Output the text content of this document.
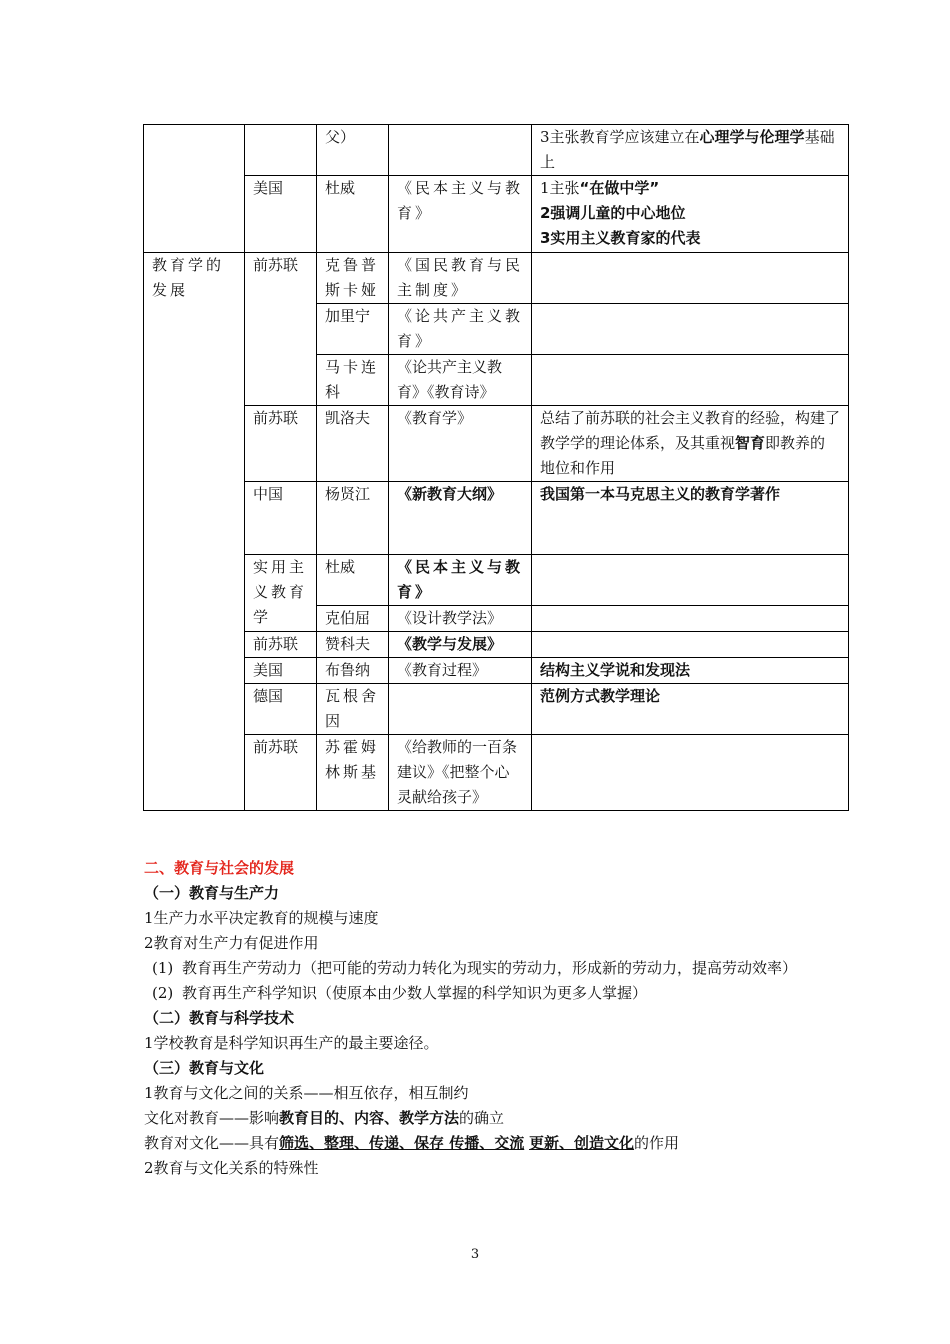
		父）		3主张教育学应该建立在心理学与伦理学基础上
	美国	杜威	《民本主义与教育》	1主张“在做中学”
2强调儿童的中心地位
3实用主义教育家的代表

教育学的发展	前苏联	克鲁普斯卡娅	《国民教育与民主制度》	
		加里宁	《论共产主义教育》	
		马卡连科	《论共产主义教育》《教育诗》	
	前苏联	凯洛夫	《教育学》	总结了前苏联的社会主义教育的经验，构建了教学学的理论体系，及其重视智育即教养的地位和作用
	中国	杨贤江	《新教育大纲》	我国第一本马克思主义的教育学著作
	实用主义教育学	杜威	《民本主义与教育》	
		克伯屈	《设计教学法》	
	前苏联	赞科夫	《教学与发展》	
	美国	布鲁纳	《教育过程》	结构主义学说和发现法
	德国	瓦根舍因		范例方式教学理论
	前苏联	苏霍姆林斯基	《给教师的一百条建议》《把整个心灵献给孩子》	

二、教育与社会的发展

（一）教育与生产力

1生产力水平决定教育的规模与速度

2教育对生产力有促进作用

(1) 教育再生产劳动力（把可能的劳动力转化为现实的劳动力，形成新的劳动力，提高劳动效率）

(2) 教育再生产科学知识（使原本由少数人掌握的科学知识为更多人掌握）

（二）教育与科学技术

1学校教育是科学知识再生产的最主要途径。

（三）教育与文化

1教育与文化之间的关系——相互依存，相互制约

文化对教育——影响教育目的、内容、教学方法的确立

教育对文化——具有筛选、整理、传递、保存 传播、交流 更新、创造文化的作用

2教育与文化关系的特殊性

3
